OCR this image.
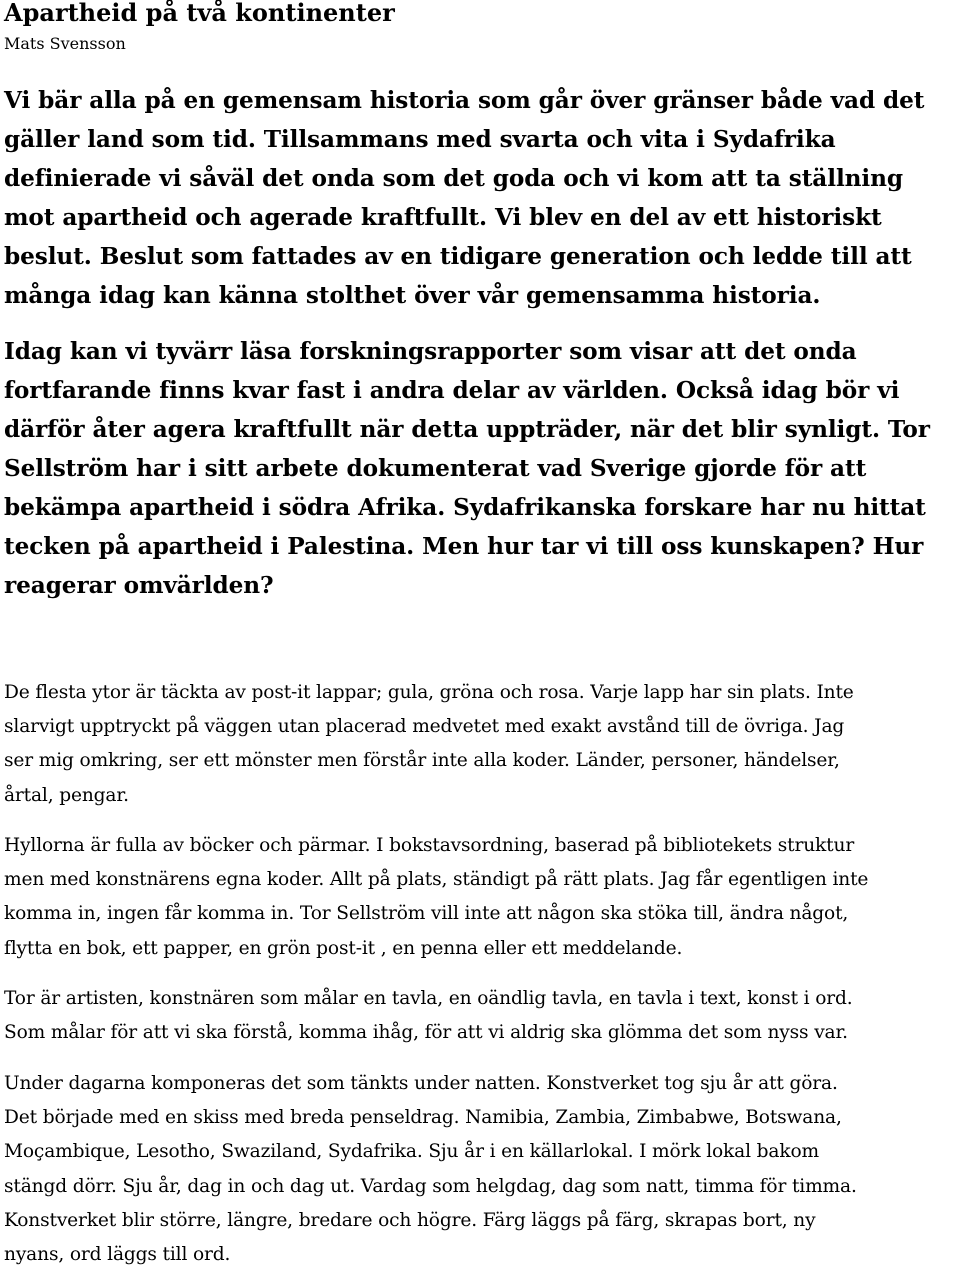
Apartheid på två kontinenter
Mats Svensson

Vi bär alla på en gemensam historia som går över gränser både vad det
gäller land som tid. Tillsammans med svarta och vita i Sydafrika
definierade vi såväl det onda som det goda och vi kom att ta ställning
mot apartheid och agerade kraftfullt. Vi blev en del av ett historiskt
beslut. Beslut som fattades av en tidigare generation och ledde till att
många idag kan känna stolthet över vår gemensamma historia.

Idag kan vi tyvärr läsa forskningsrapporter som visar att det onda
fortfarande finns kvar fast i andra delar av världen. Också idag bör vi
därför åter agera kraftfullt när detta uppträder, när det blir synligt. Tor
Sellström har i sitt arbete dokumenterat vad Sverige gjorde för att
bekämpa apartheid i södra Afrika. Sydafrikanska forskare har nu hittat
tecken på apartheid i Palestina. Men hur tar vi till oss kunskapen? Hur
reagerar omvärlden?

De flesta ytor är täckta av post-it lappar; gula, gröna och rosa. Varje lapp har sin plats. Inte
slarvigt upptryckt på väggen utan placerad medvetet med exakt avstånd till de övriga. Jag
ser mig omkring, ser ett mönster men förstår inte alla koder. Länder, personer, händelser,
årtal, pengar.

Hyllorna är fulla av böcker och pärmar. I bokstavsordning, baserad på bibliotekets struktur
men med konstnärens egna koder. Allt på plats, ständigt på rätt plats. Jag får egentligen inte
komma in, ingen får komma in. Tor Sellström vill inte att någon ska stöka till, ändra något,
flytta en bok, ett papper, en grön post-it , en penna eller ett meddelande.

Tor är artisten, konstnären som målar en tavla, en oändlig tavla, en tavla i text, konst i ord.
Som målar för att vi ska förstå, komma ihåg, för att vi aldrig ska glömma det som nyss var.

Under dagarna komponeras det som tänkts under natten. Konstverket tog sju år att göra.
Det började med en skiss med breda penseldrag. Namibia, Zambia, Zimbabwe, Botswana,
Moçambique, Lesotho, Swaziland, Sydafrika. Sju år i en källarlokal. I mörk lokal bakom
stängd dörr. Sju år, dag in och dag ut. Vardag som helgdag, dag som natt, timma för timma.
Konstverket blir större, längre, bredare och högre. Färg läggs på färg, skrapas bort, ny
nyans, ord läggs till ord.
